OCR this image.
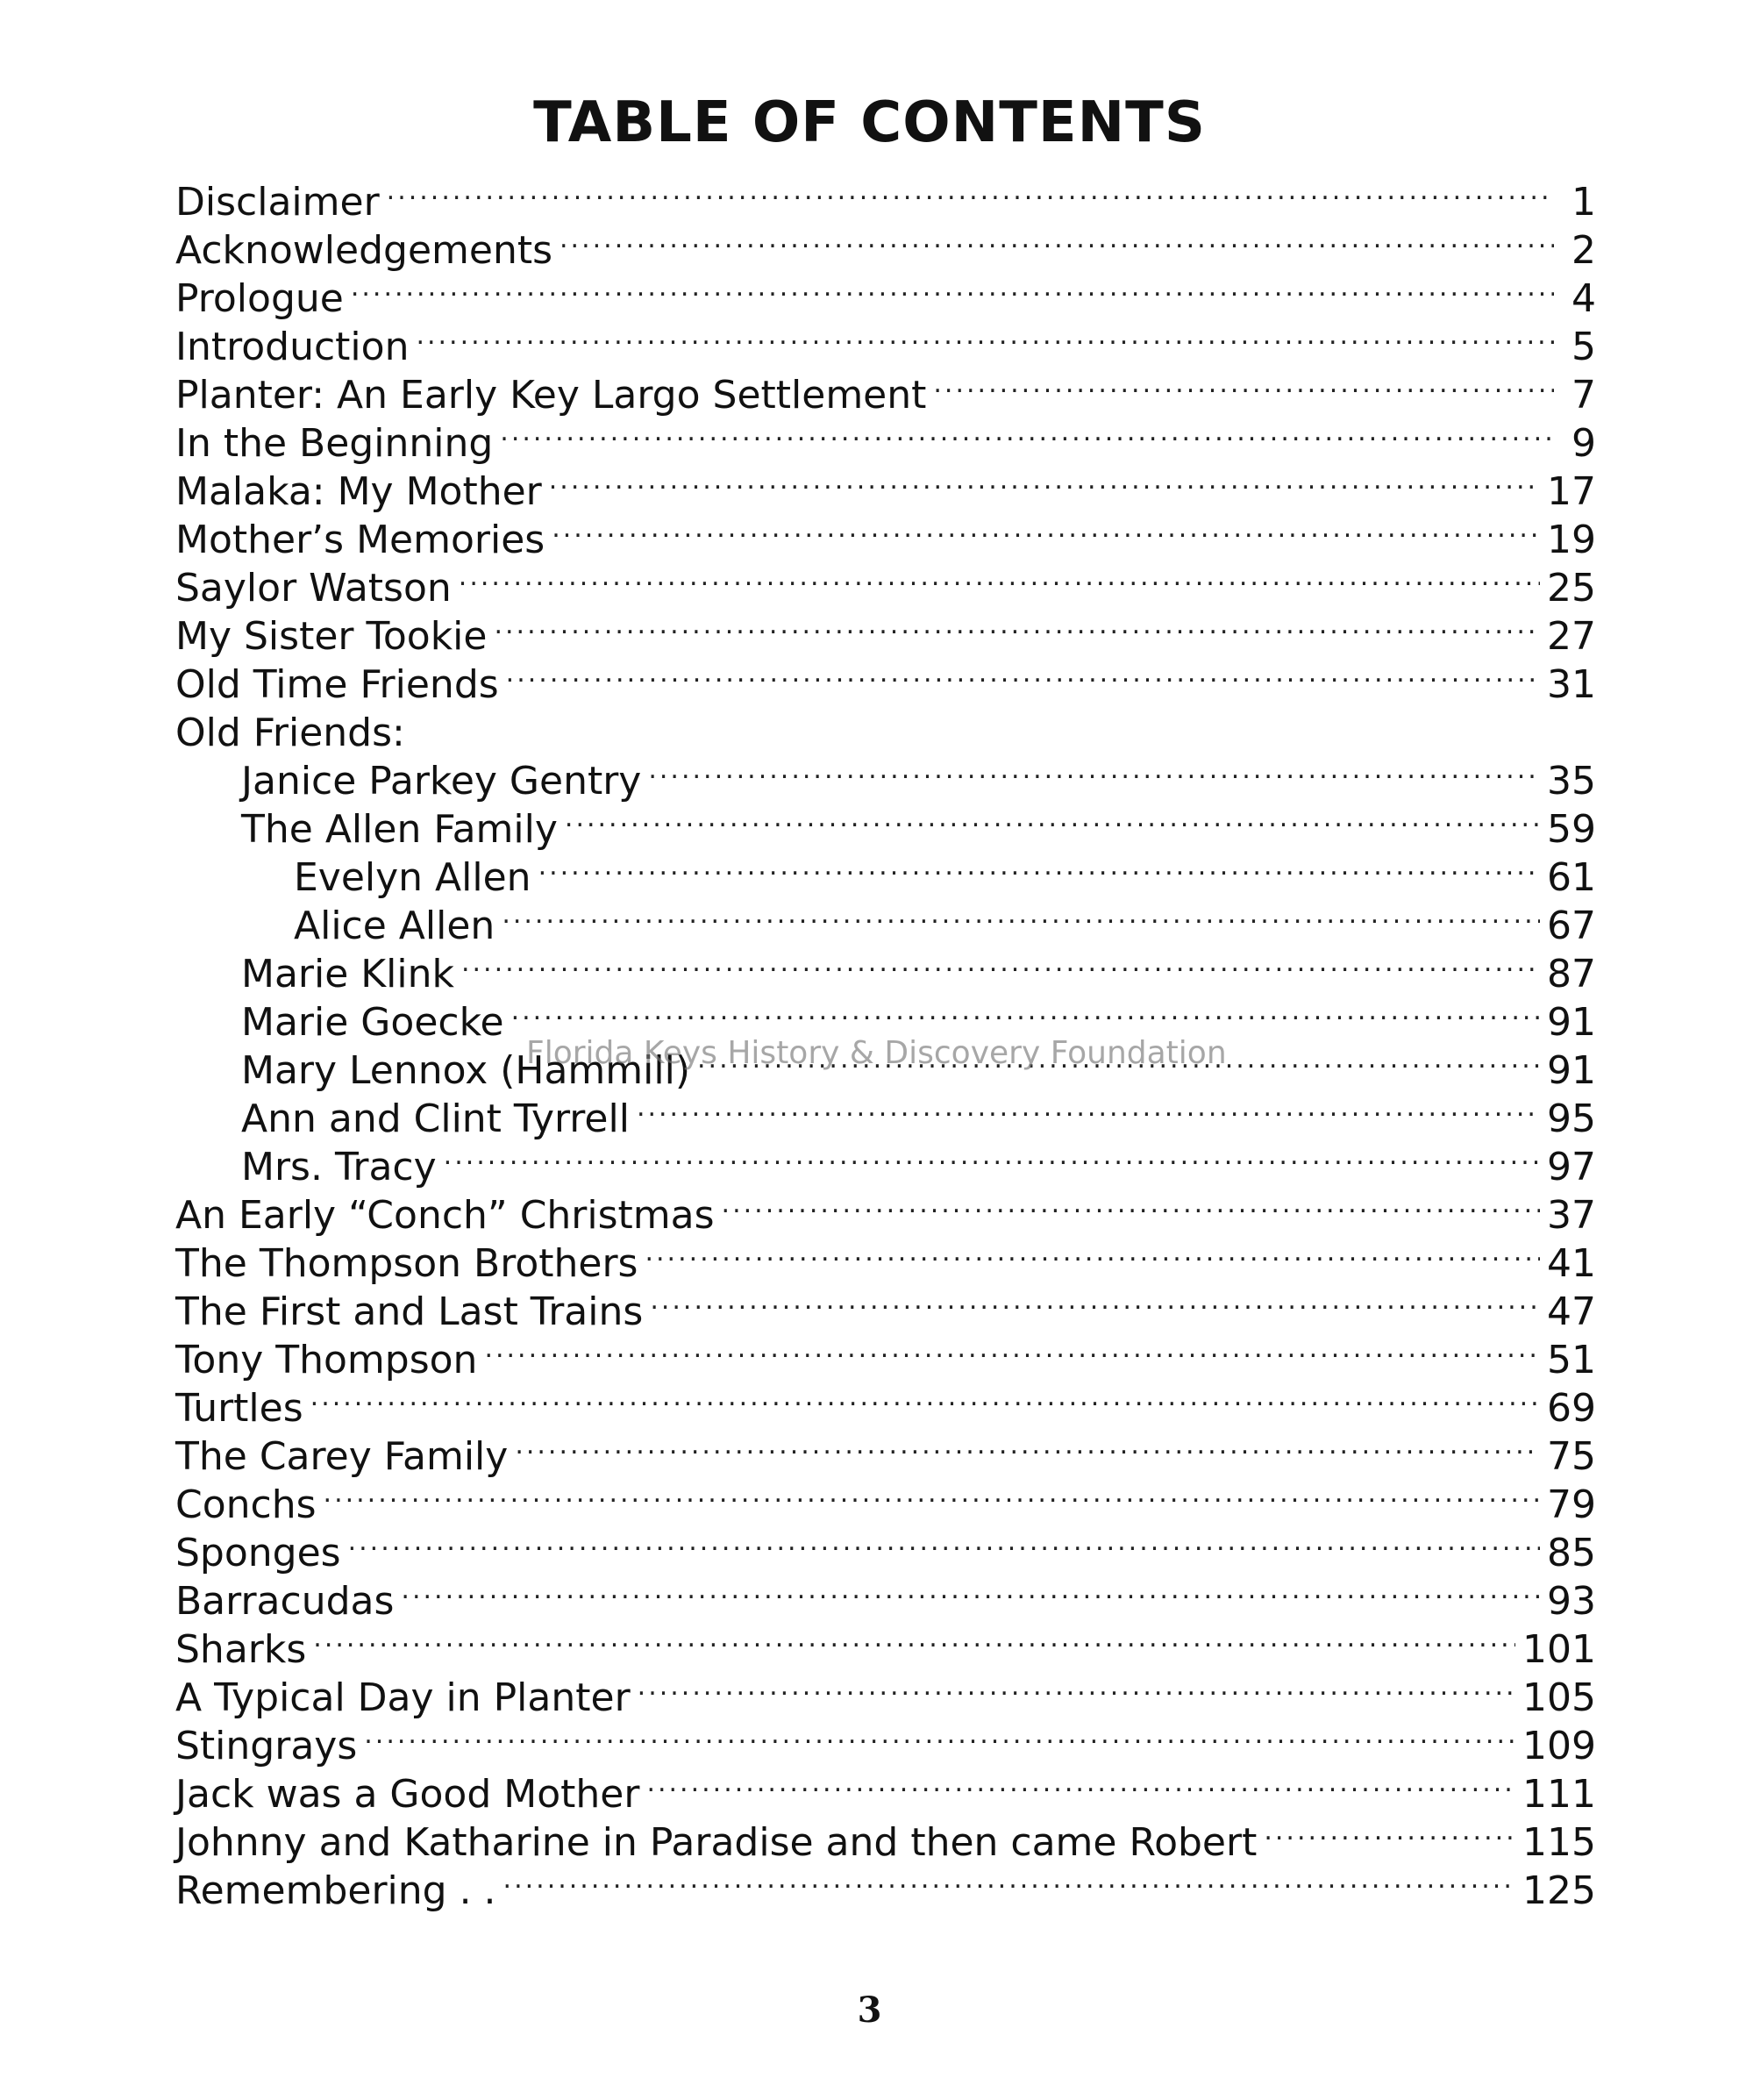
TABLE OF CONTENTS
Disclaimer .....	1
Acknowledgements .....	2
Prologue .....	4
Introduction .....	5
Planter: An Early Key Largo Settlement .....	7
In the Beginning .....	9
Malaka: My Mother .....	17
Mother’s Memories .....	19
Saylor Watson .....	25
My Sister Tookie .....	27
Old Time Friends .....	31
Old Friends:
Janice Parkey Gentry .....	35
The Allen Family .....	59
Evelyn Allen .....	61
Alice Allen .....	67
Marie Klink .....	87
Marie Goecke .....	91
Mary Lennox (Hammill) .....	91
Ann and Clint Tyrrell .....	95
Mrs. Tracy .....	97
An Early “Conch” Christmas .....	37
The Thompson Brothers .....	41
The First and Last Trains .....	47
Tony Thompson .....	51
Turtles .....	69
The Carey Family .....	75
Conchs .....	79
Sponges .....	85
Barracudas .....	93
Sharks .....	101
A Typical Day in Planter .....	105
Stingrays .....	109
Jack was a Good Mother .....	111
Johnny and Katharine in Paradise and then came Robert .....	115
Remembering . . .....	125
Florida Keys History & Discovery Foundation
3
